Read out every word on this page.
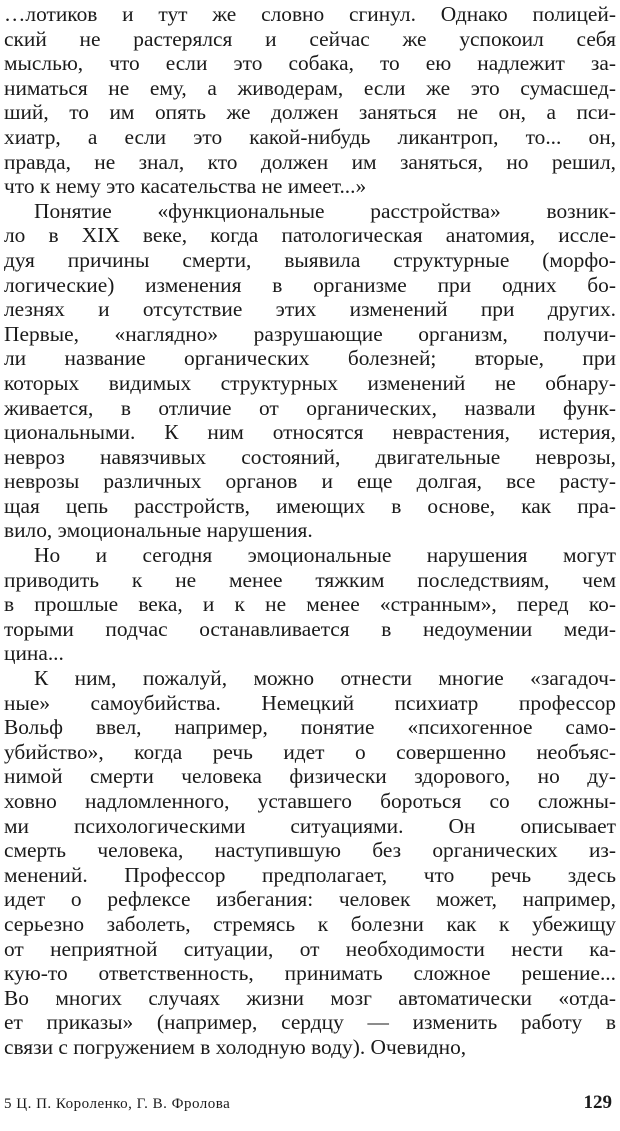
…лотиков и тут же словно сгинул. Однако полицей-
ский не растерялся и сейчас же успокоил себя
мыслью, что если это собака, то ею надлежит за-
ниматься не ему, а живодерам, если же это сумасшед-
ший, то им опять же должен заняться не он, а пси-
хиатр, а если это какой-нибудь ликантроп, то... он,
правда, не знал, кто должен им заняться, но решил,
что к нему это касательства не имеет...»
Понятие «функциональные расстройства» возник-
ло в XIX веке, когда патологическая анатомия, иссле-
дуя причины смерти, выявила структурные (морфо-
логические) изменения в организме при одних бо-
лезнях и отсутствие этих изменений при других.
Первые, «наглядно» разрушающие организм, получи-
ли название органических болезней; вторые, при
которых видимых структурных изменений не обнару-
живается, в отличие от органических, назвали функ-
циональными. К ним относятся неврастения, истерия,
невроз навязчивых состояний, двигательные неврозы,
неврозы различных органов и еще долгая, все расту-
щая цепь расстройств, имеющих в основе, как пра-
вило, эмоциональные нарушения.
Но и сегодня эмоциональные нарушения могут
приводить к не менее тяжким последствиям, чем
в прошлые века, и к не менее «странным», перед ко-
торыми подчас останавливается в недоумении меди-
цина...
К ним, пожалуй, можно отнести многие «загадоч-
ные» самоубийства. Немецкий психиатр профессор
Вольф ввел, например, понятие «психогенное само-
убийство», когда речь идет о совершенно необъяс-
нимой смерти человека физически здорового, но ду-
ховно надломленного, уставшего бороться со сложны-
ми психологическими ситуациями. Он описывает
смерть человека, наступившую без органических из-
менений. Профессор предполагает, что речь здесь
идет о рефлексе избегания: человек может, например,
серьезно заболеть, стремясь к болезни как к убежищу
от неприятной ситуации, от необходимости нести ка-
кую-то ответственность, принимать сложное решение...
Во многих случаях жизни мозг автоматически «отда-
ет приказы» (например, сердцу — изменить работу в
связи с погружением в холодную воду). Очевидно,
5 Ц. П. Короленко, Г. В. Фролова	129
